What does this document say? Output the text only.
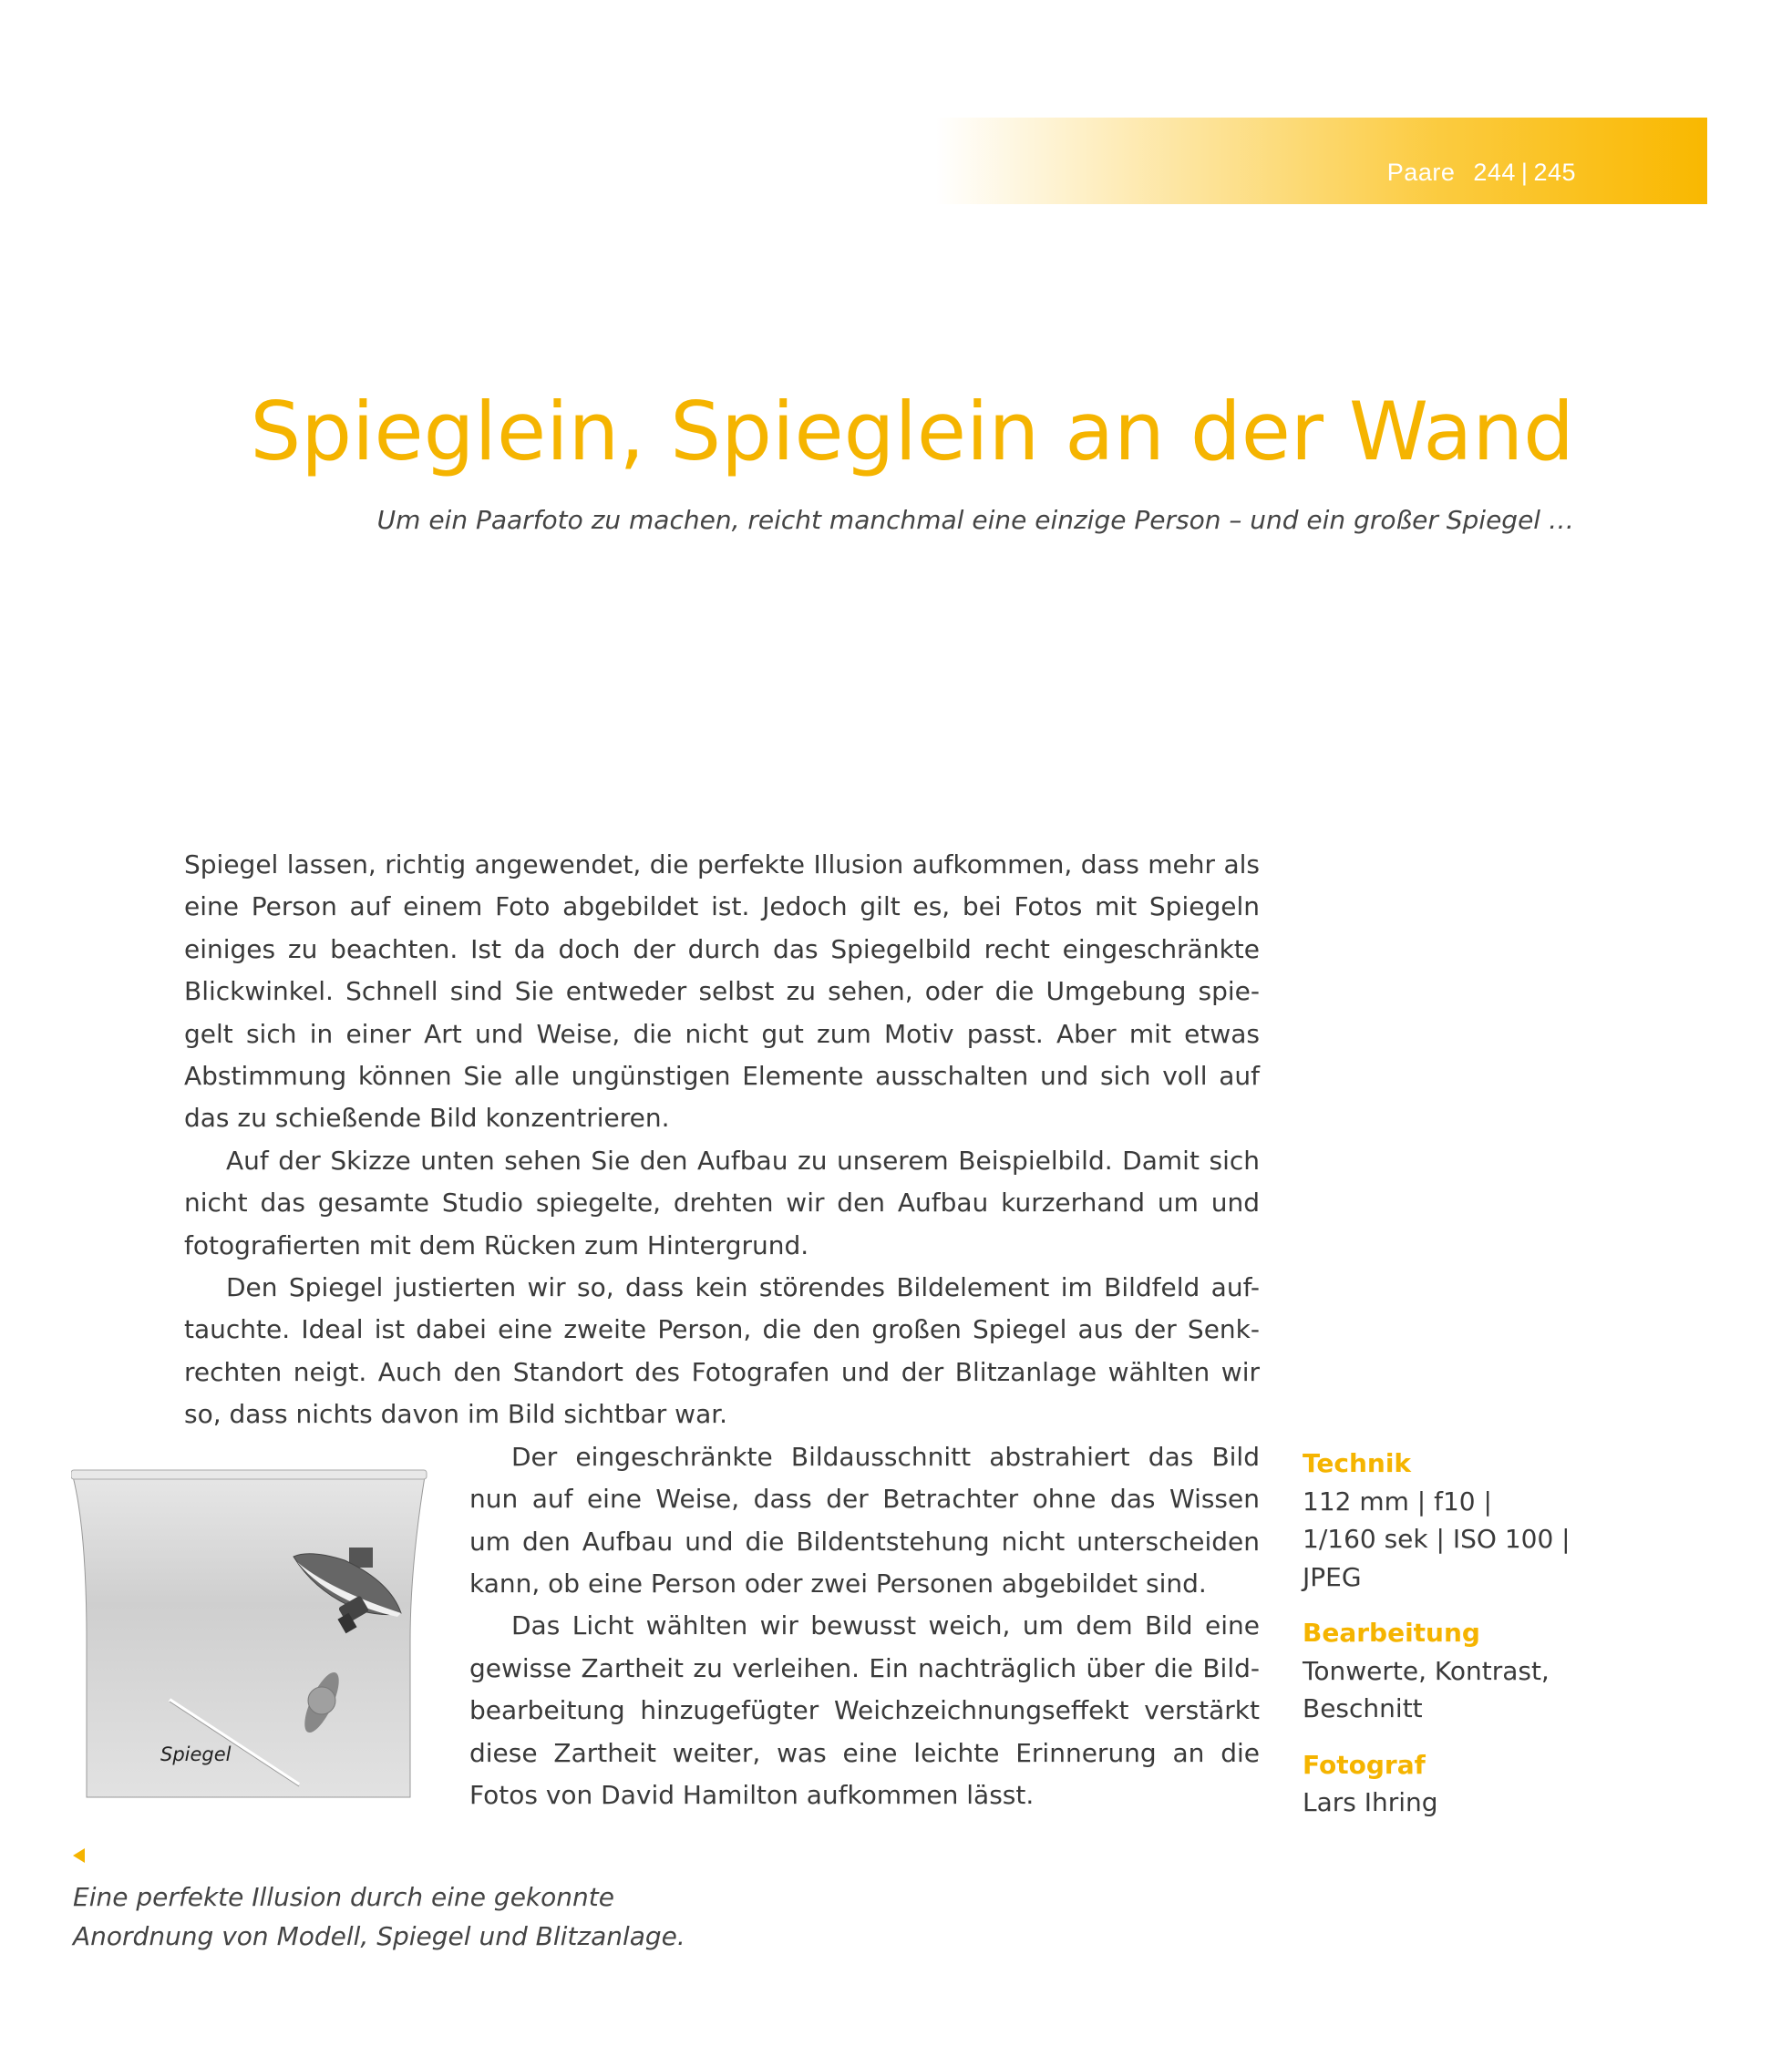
Paare 244 | 245
Spieglein, Spieglein an der Wand
Um ein Paarfoto zu machen, reicht manchmal eine einzige Person – und ein großer Spiegel …
Spiegel lassen, richtig angewendet, die perfekte Illusion aufkommen, dass mehr als
eine Person auf einem Foto abgebildet ist. Jedoch gilt es, bei Fotos mit Spiegeln
einiges zu beachten. Ist da doch der durch das Spiegelbild recht eingeschränkte
Blickwinkel. Schnell sind Sie entweder selbst zu sehen, oder die Umgebung spie-
gelt sich in einer Art und Weise, die nicht gut zum Motiv passt. Aber mit etwas
Abstimmung können Sie alle ungünstigen Elemente ausschalten und sich voll auf
das zu schießende Bild konzentrieren.
Auf der Skizze unten sehen Sie den Aufbau zu unserem Beispielbild. Damit sich
nicht das gesamte Studio spiegelte, drehten wir den Aufbau kurzerhand um und
fotografierten mit dem Rücken zum Hintergrund.
Den Spiegel justierten wir so, dass kein störendes Bildelement im Bildfeld auf-
tauchte. Ideal ist dabei eine zweite Person, die den großen Spiegel aus der Senk-
rechten neigt. Auch den Standort des Fotografen und der Blitzanlage wählten wir
so, dass nichts davon im Bild sichtbar war.
Der eingeschränkte Bildausschnitt abstrahiert das Bild
nun auf eine Weise, dass der Betrachter ohne das Wissen
um den Aufbau und die Bildentstehung nicht unterscheiden
kann, ob eine Person oder zwei Personen abgebildet sind.
Das Licht wählten wir bewusst weich, um dem Bild eine
gewisse Zartheit zu verleihen. Ein nachträglich über die Bild-
bearbeitung hinzugefügter Weichzeichnungseffekt verstärkt
diese Zartheit weiter, was eine leichte Erinnerung an die
Fotos von David Hamilton aufkommen lässt.
Technik
112 mm | f10 |
1/160 sek | ISO 100 |
JPEG
Bearbeitung
Tonwerte, Kontrast,
Beschnitt
Fotograf
Lars Ihring
Spiegel
Eine perfekte Illusion durch eine gekonnte
Anordnung von Modell, Spiegel und Blitzanlage.
